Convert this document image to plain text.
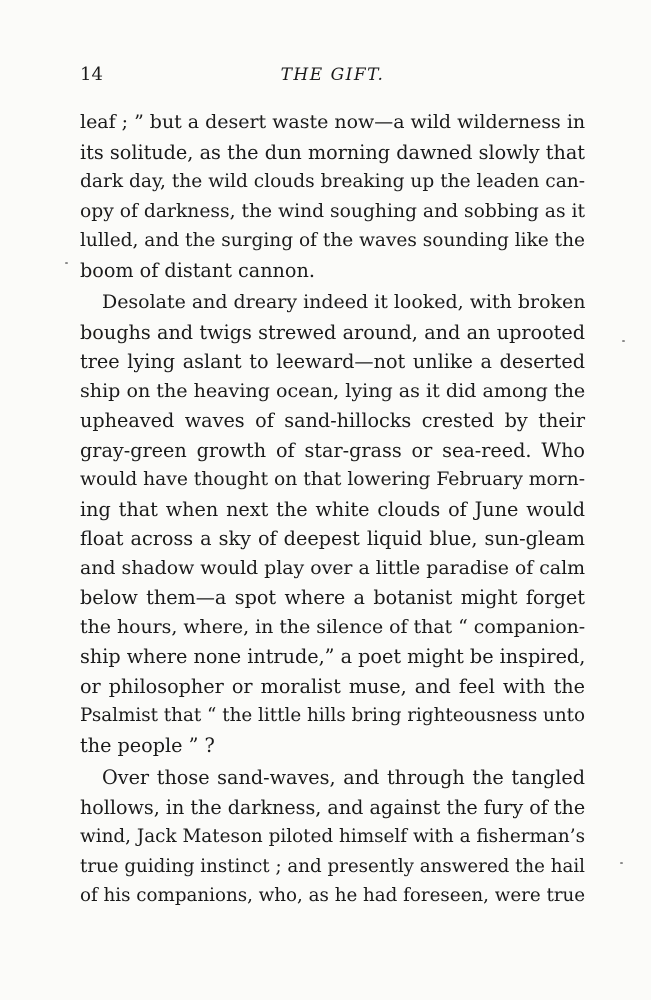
14	THE GIFT.

leaf ; ” but a desert waste now—a wild wilderness in
its solitude, as the dun morning dawned slowly that
dark day, the wild clouds breaking up the leaden can-
opy of darkness, the wind soughing and sobbing as it
lulled, and the surging of the waves sounding like the
boom of distant cannon.

Desolate and dreary indeed it looked, with broken
boughs and twigs strewed around, and an uprooted
tree lying aslant to leeward—not unlike a deserted
ship on the heaving ocean, lying as it did among the
upheaved waves of sand-hillocks crested by their
gray-green growth of star-grass or sea-reed. Who
would have thought on that lowering February morn-
ing that when next the white clouds of June would
float across a sky of deepest liquid blue, sun-gleam
and shadow would play over a little paradise of calm
below them—a spot where a botanist might forget
the hours, where, in the silence of that “ companion-
ship where none intrude,” a poet might be inspired,
or philosopher or moralist muse, and feel with the
Psalmist that “ the little hills bring righteousness unto
the people ” ?

Over those sand-waves, and through the tangled
hollows, in the darkness, and against the fury of the
wind, Jack Mateson piloted himself with a fisherman’s
true guiding instinct ; and presently answered the hail
of his companions, who, as he had foreseen, were true
